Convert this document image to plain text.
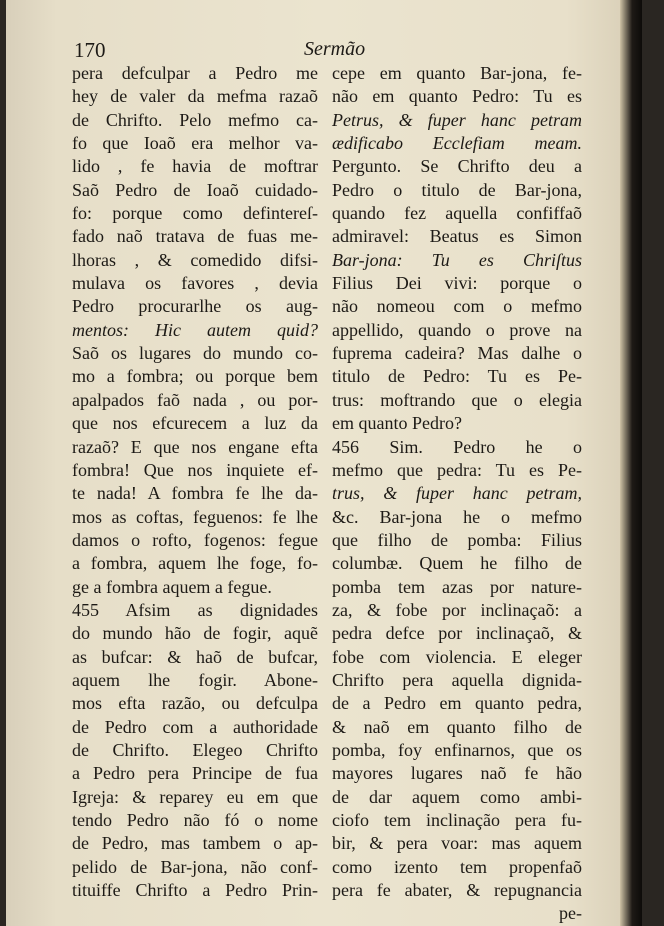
170	Sermão
pera defculpar a Pedro me
hey de valer da mefma razaõ
de Chrifto. Pelo mefmo ca-
fo que Ioaõ era melhor va-
lido , fe havia de moftrar
Saõ Pedro de Ioaõ cuidado-
fo: porque como defintereſ-
fado naõ tratava de fuas me-
lhoras , & comedido difsi-
mulava os favores , devia
Pedro procurarlhe os aug-
mentos: Hic autem quid?
Saõ os lugares do mundo co-
mo a fombra; ou porque bem
apalpados faõ nada , ou por-
que nos efcurecem a luz da
razaõ? E que nos engane efta
fombra! Que nos inquiete ef-
te nada! A fombra fe lhe da-
mos as coftas, feguenos: fe lhe
damos o rofto, fogenos: fegue
a fombra, aquem lhe foge, fo-
ge a fombra aquem a fegue.
455 Afsim as dignidades
do mundo hão de fogir, aquẽ
as bufcar: & haõ de bufcar,
aquem lhe fogir. Abone-
mos efta razão, ou defculpa
de Pedro com a authoridade
de Chrifto. Elegeo Chrifto
a Pedro pera Principe de fua
Igreja: & reparey eu em que
tendo Pedro não fó o nome
de Pedro, mas tambem o ap-
pelido de Bar-jona, não conf-
tituiffe Chrifto a Pedro Prin-
cepe em quanto Bar-jona, fe-
não em quanto Pedro: Tu es
Petrus, & fuper hanc petram
ædificabo Ecclefiam meam.
Pergunto. Se Chrifto deu a
Pedro o titulo de Bar-jona,
quando fez aquella confiffaõ
admiravel: Beatus es Simon
Bar-jona: Tu es Chriſtus
Filius Dei vivi: porque o
não nomeou com o mefmo
appellido, quando o prove na
fuprema cadeira? Mas dalhe o
titulo de Pedro: Tu es Pe-
trus: moftrando que o elegia
em quanto Pedro?
456 Sim. Pedro he o
mefmo que pedra: Tu es Pe-
trus, & fuper hanc petram,
&c. Bar-jona he o mefmo
que filho de pomba: Filius
columbæ. Quem he filho de
pomba tem azas por nature-
za, & fobe por inclinaçaõ: a
pedra defce por inclinaçaõ, &
fobe com violencia. E eleger
Chrifto pera aquella dignida-
de a Pedro em quanto pedra,
& naõ em quanto filho de
pomba, foy enfinarnos, que os
mayores lugares naõ fe hão
de dar aquem como ambi-
ciofo tem inclinação pera fu-
bir, & pera voar: mas aquem
como izento tem propenfaõ
pera fe abater, & repugnancia
pe-
